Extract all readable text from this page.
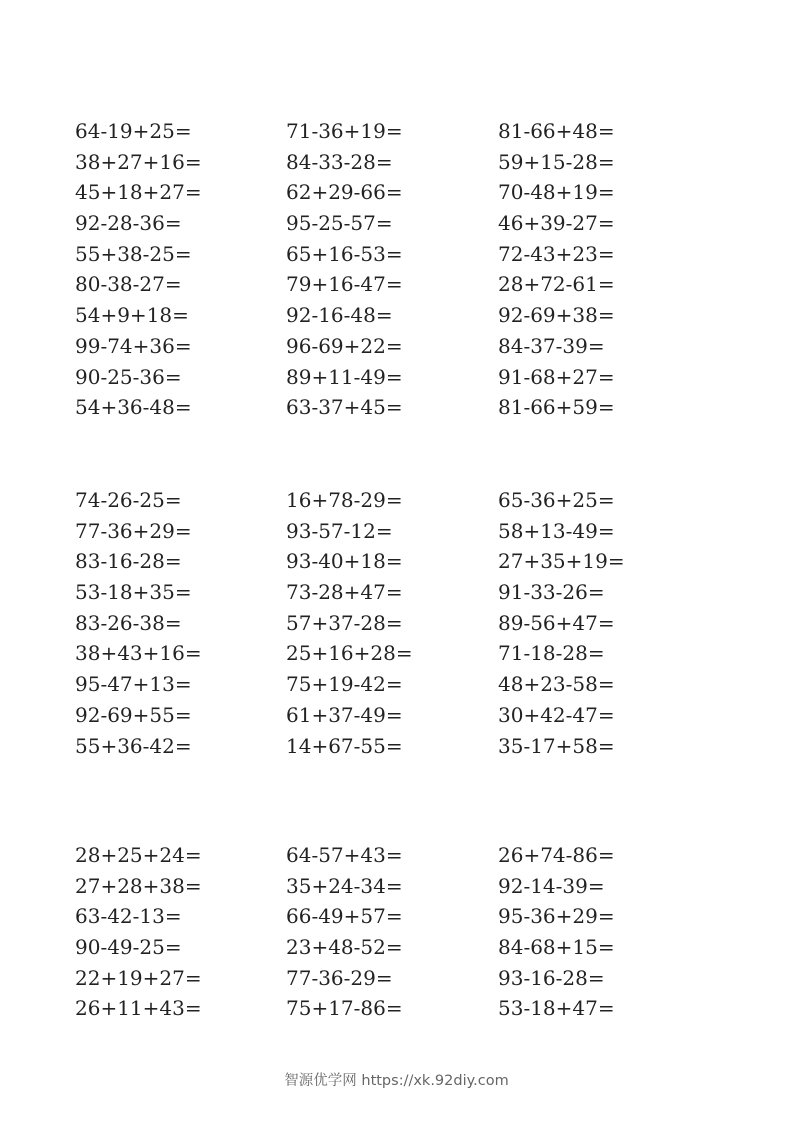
64-19+25=
38+27+16=
45+18+27=
92-28-36=
55+38-25=
80-38-27=
54+9+18=
99-74+36=
90-25-36=
54+36-48=
71-36+19=
84-33-28=
62+29-66=
95-25-57=
65+16-53=
79+16-47=
92-16-48=
96-69+22=
89+11-49=
63-37+45=
81-66+48=
59+15-28=
70-48+19=
46+39-27=
72-43+23=
28+72-61=
92-69+38=
84-37-39=
91-68+27=
81-66+59=
74-26-25=
77-36+29=
83-16-28=
53-18+35=
83-26-38=
38+43+16=
95-47+13=
92-69+55=
55+36-42=
16+78-29=
93-57-12=
93-40+18=
73-28+47=
57+37-28=
25+16+28=
75+19-42=
61+37-49=
14+67-55=
65-36+25=
58+13-49=
27+35+19=
91-33-26=
89-56+47=
71-18-28=
48+23-58=
30+42-47=
35-17+58=
28+25+24=
27+28+38=
63-42-13=
90-49-25=
22+19+27=
26+11+43=
64-57+43=
35+24-34=
66-49+57=
23+48-52=
77-36-29=
75+17-86=
26+74-86=
92-14-39=
95-36+29=
84-68+15=
93-16-28=
53-18+47=
智源优学网 https://xk.92diy.com
